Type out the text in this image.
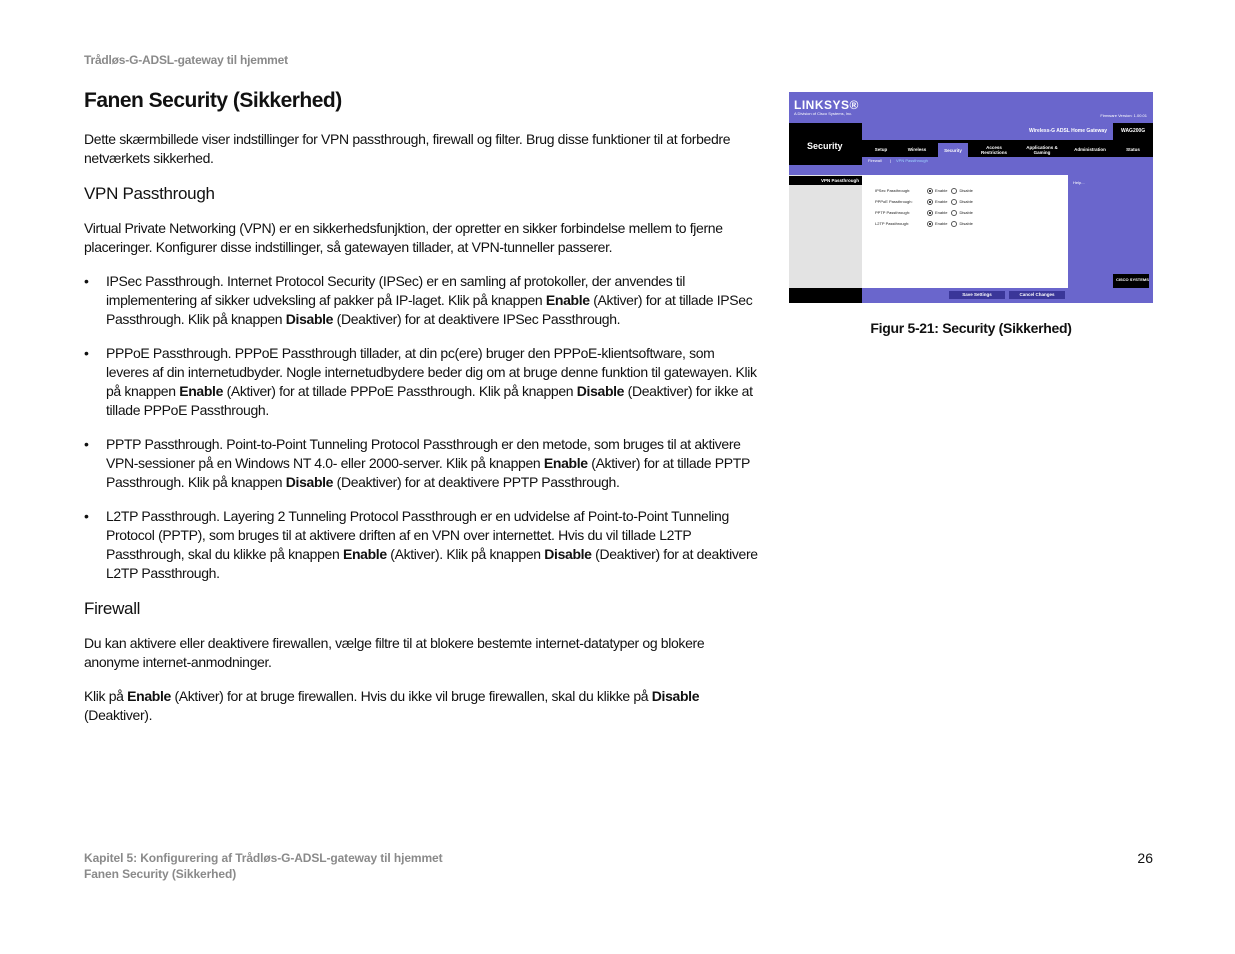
Trådløs-G-ADSL-gateway til hjemmet
Fanen Security (Sikkerhed)

Dette skærmbillede viser indstillinger for VPN passthrough, firewall og filter. Brug disse funktioner til at forbedre netværkets sikkerhed.

VPN Passthrough

Virtual Private Networking (VPN) er en sikkerhedsfunjktion, der opretter en sikker forbindelse mellem to fjerne placeringer. Konfigurer disse indstillinger, så gatewayen tillader, at VPN-tunneller passerer.

• IPSec Passthrough. Internet Protocol Security (IPSec) er en samling af protokoller, der anvendes til implementering af sikker udveksling af pakker på IP-laget. Klik på knappen Enable (Aktiver) for at tillade IPSec Passthrough. Klik på knappen Disable (Deaktiver) for at deaktivere IPSec Passthrough.
• PPPoE Passthrough. PPPoE Passthrough tillader, at din pc(ere) bruger den PPPoE-klientsoftware, som leveres af din internetudbyder. Nogle internetudbydere beder dig om at bruge denne funktion til gatewayen. Klik på knappen Enable (Aktiver) for at tillade PPPoE Passthrough. Klik på knappen Disable (Deaktiver) for ikke at tillade PPPoE Passthrough.
• PPTP Passthrough. Point-to-Point Tunneling Protocol Passthrough er den metode, som bruges til at aktivere VPN-sessioner på en Windows NT 4.0- eller 2000-server. Klik på knappen Enable (Aktiver) for at tillade PPTP Passthrough. Klik på knappen Disable (Deaktiver) for at deaktivere PPTP Passthrough.
• L2TP Passthrough. Layering 2 Tunneling Protocol Passthrough er en udvidelse af Point-to-Point Tunneling Protocol (PPTP), som bruges til at aktivere driften af en VPN over internettet. Hvis du vil tillade L2TP Passthrough, skal du klikke på knappen Enable (Aktiver). Klik på knappen Disable (Deaktiver) for at deaktivere L2TP Passthrough.
Firewall

Du kan aktivere eller deaktivere firewallen, vælge filtre til at blokere bestemte internet-datatyper og blokere anonyme internet-anmodninger.

Klik på Enable (Aktiver) for at bruge firewallen. Hvis du ikke vil bruge firewallen, skal du klikke på Disable (Deaktiver).

LINKSYS®
A Division of Cisco Systems, Inc.	Firmware Version: 1.00.01
Security
Wireless-G ADSL Home Gateway	WAG200G
Setup	Wireless	Security
Access Restrictions
Applications & Gaming
Administration	Status
Firewall | VPN Passthrough
VPN Passthrough
IPSec Passthrough:	Enable	Disable
PPPoE Passthrough:	Enable	Disable
PPTP Passthrough:	Enable	Disable
L2TP Passthrough:	Enable	Disable
Help...
CISCO SYSTEMS
Save Settings	Cancel Changes
Figur 5-21: Security (Sikkerhed)
Kapitel 5: Konfigurering af Trådløs-G-ADSL-gateway til hjemmet
Fanen Security (Sikkerhed)
26
